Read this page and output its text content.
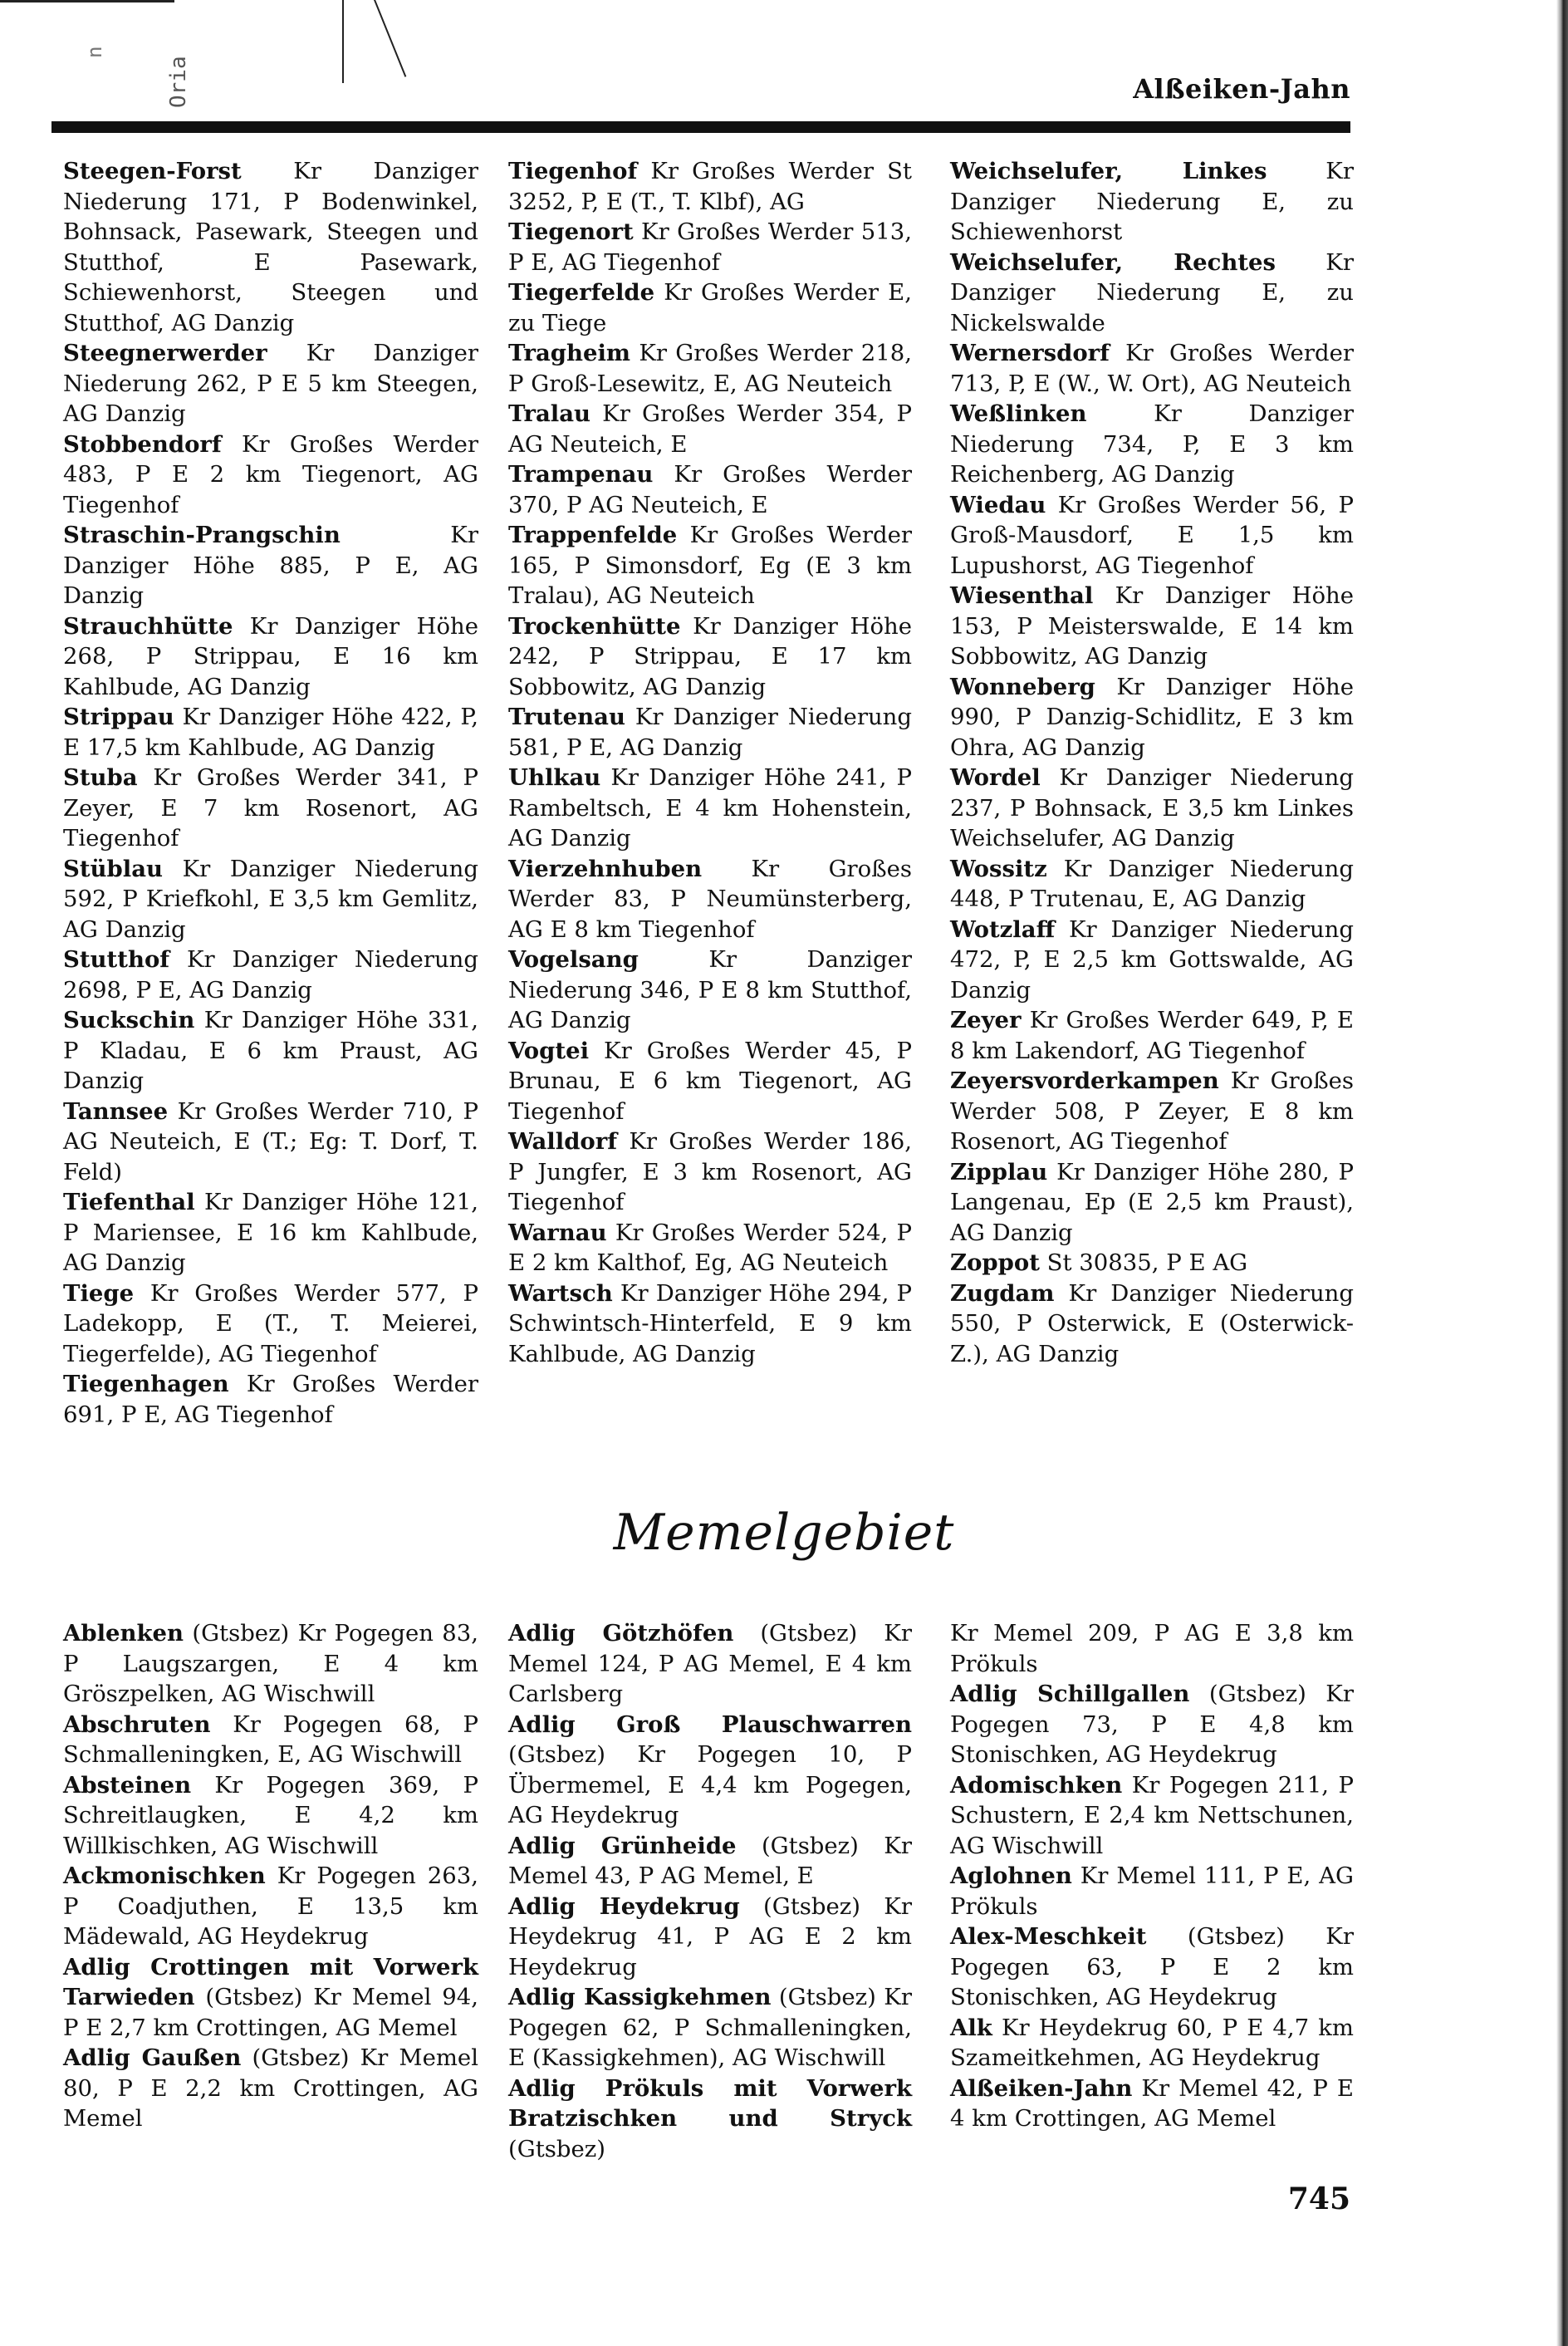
n
Oria	Alßeiken-Jahn

Steegen-Forst Kr Danziger Niederung 171, P Bodenwinkel, Bohnsack, Pasewark, Steegen und Stutthof, E Pasewark, Schiewenhorst, Steegen und Stutthof, AG Danzig

Steegnerwerder Kr Danziger Niederung 262, P E 5 km Steegen, AG Danzig

Stobbendorf Kr Großes Werder 483, P E 2 km Tiegenort, AG Tiegenhof

Straschin-Prangschin Kr Danziger Höhe 885, P E, AG Danzig

Strauchhütte Kr Danziger Höhe 268, P Strippau, E 16 km Kahlbude, AG Danzig

Strippau Kr Danziger Höhe 422, P, E 17,5 km Kahlbude, AG Danzig

Stuba Kr Großes Werder 341, P Zeyer, E 7 km Rosenort, AG Tiegenhof

Stüblau Kr Danziger Niederung 592, P Kriefkohl, E 3,5 km Gemlitz, AG Danzig

Stutthof Kr Danziger Niederung 2698, P E, AG Danzig

Suckschin Kr Danziger Höhe 331, P Kladau, E 6 km Praust, AG Danzig

Tannsee Kr Großes Werder 710, P AG Neuteich, E (T.; Eg: T. Dorf, T. Feld)

Tiefenthal Kr Danziger Höhe 121, P Mariensee, E 16 km Kahlbude, AG Danzig

Tiege Kr Großes Werder 577, P Ladekopp, E (T., T. Meierei, Tiegerfelde), AG Tiegenhof

Tiegenhagen Kr Großes Werder 691, P E, AG Tiegenhof

Tiegenhof Kr Großes Werder St 3252, P, E (T., T. Klbf), AG

Tiegenort Kr Großes Werder 513, P E, AG Tiegenhof

Tiegerfelde Kr Großes Werder E, zu Tiege

Tragheim Kr Großes Werder 218, P Groß-Lesewitz, E, AG Neuteich

Tralau Kr Großes Werder 354, P AG Neuteich, E

Trampenau Kr Großes Werder 370, P AG Neuteich, E

Trappenfelde Kr Großes Werder 165, P Simonsdorf, Eg (E 3 km Tralau), AG Neuteich

Trockenhütte Kr Danziger Höhe 242, P Strippau, E 17 km Sobbowitz, AG Danzig

Trutenau Kr Danziger Niederung 581, P E, AG Danzig

Uhlkau Kr Danziger Höhe 241, P Rambeltsch, E 4 km Hohenstein, AG Danzig

Vierzehnhuben Kr Großes Werder 83, P Neumünsterberg, AG E 8 km Tiegenhof

Vogelsang Kr Danziger Niederung 346, P E 8 km Stutthof, AG Danzig

Vogtei Kr Großes Werder 45, P Brunau, E 6 km Tiegenort, AG Tiegenhof

Walldorf Kr Großes Werder 186, P Jungfer, E 3 km Rosenort, AG Tiegenhof

Warnau Kr Großes Werder 524, P E 2 km Kalthof, Eg, AG Neuteich

Wartsch Kr Danziger Höhe 294, P Schwintsch-Hinterfeld, E 9 km Kahlbude, AG Danzig

Weichselufer, Linkes Kr Danziger Niederung E, zu Schiewenhorst

Weichselufer, Rechtes Kr Danziger Niederung E, zu Nickelswalde

Wernersdorf Kr Großes Werder 713, P, E (W., W. Ort), AG Neuteich

Weßlinken Kr Danziger Niederung 734, P, E 3 km Reichenberg, AG Danzig

Wiedau Kr Großes Werder 56, P Groß-Mausdorf, E 1,5 km Lupushorst, AG Tiegenhof

Wiesenthal Kr Danziger Höhe 153, P Meisterswalde, E 14 km Sobbowitz, AG Danzig

Wonneberg Kr Danziger Höhe 990, P Danzig-Schidlitz, E 3 km Ohra, AG Danzig

Wordel Kr Danziger Niederung 237, P Bohnsack, E 3,5 km Linkes Weichselufer, AG Danzig

Wossitz Kr Danziger Niederung 448, P Trutenau, E, AG Danzig

Wotzlaff Kr Danziger Niederung 472, P, E 2,5 km Gottswalde, AG Danzig

Zeyer Kr Großes Werder 649, P, E 8 km Lakendorf, AG Tiegenhof

Zeyersvorderkampen Kr Großes Werder 508, P Zeyer, E 8 km Rosenort, AG Tiegenhof

Zipplau Kr Danziger Höhe 280, P Langenau, Ep (E 2,5 km Praust), AG Danzig

Zoppot St 30835, P E AG

Zugdam Kr Danziger Niederung 550, P Osterwick, E (Osterwick-Z.), AG Danzig

Memelgebiet

Ablenken (Gtsbez) Kr Pogegen 83, P Laugszargen, E 4 km Gröszpelken, AG Wischwill

Abschruten Kr Pogegen 68, P Schmalleningken, E, AG Wischwill

Absteinen Kr Pogegen 369, P Schreitlaugken, E 4,2 km Willkischken, AG Wischwill

Ackmonischken Kr Pogegen 263, P Coadjuthen, E 13,5 km Mädewald, AG Heydekrug

Adlig Crottingen mit Vorwerk Tarwieden (Gtsbez) Kr Memel 94, P E 2,7 km Crottingen, AG Memel

Adlig Gaußen (Gtsbez) Kr Memel 80, P E 2,2 km Crottingen, AG Memel

Adlig Götzhöfen (Gtsbez) Kr Memel 124, P AG Memel, E 4 km Carlsberg

Adlig Groß Plauschwarren (Gtsbez) Kr Pogegen 10, P Übermemel, E 4,4 km Pogegen, AG Heydekrug

Adlig Grünheide (Gtsbez) Kr Memel 43, P AG Memel, E

Adlig Heydekrug (Gtsbez) Kr Heydekrug 41, P AG E 2 km Heydekrug

Adlig Kassigkehmen (Gtsbez) Kr Pogegen 62, P Schmalleningken, E (Kassigkehmen), AG Wischwill

Adlig Prökuls mit Vorwerk Bratzischken und Stryck (Gtsbez)

Kr Memel 209, P AG E 3,8 km Prökuls

Adlig Schillgallen (Gtsbez) Kr Pogegen 73, P E 4,8 km Stonischken, AG Heydekrug

Adomischken Kr Pogegen 211, P Schustern, E 2,4 km Nettschunen, AG Wischwill

Aglohnen Kr Memel 111, P E, AG Prökuls

Alex-Meschkeit (Gtsbez) Kr Pogegen 63, P E 2 km Stonischken, AG Heydekrug

Alk Kr Heydekrug 60, P E 4,7 km Szameitkehmen, AG Heydekrug

Alßeiken-Jahn Kr Memel 42, P E 4 km Crottingen, AG Memel

745
